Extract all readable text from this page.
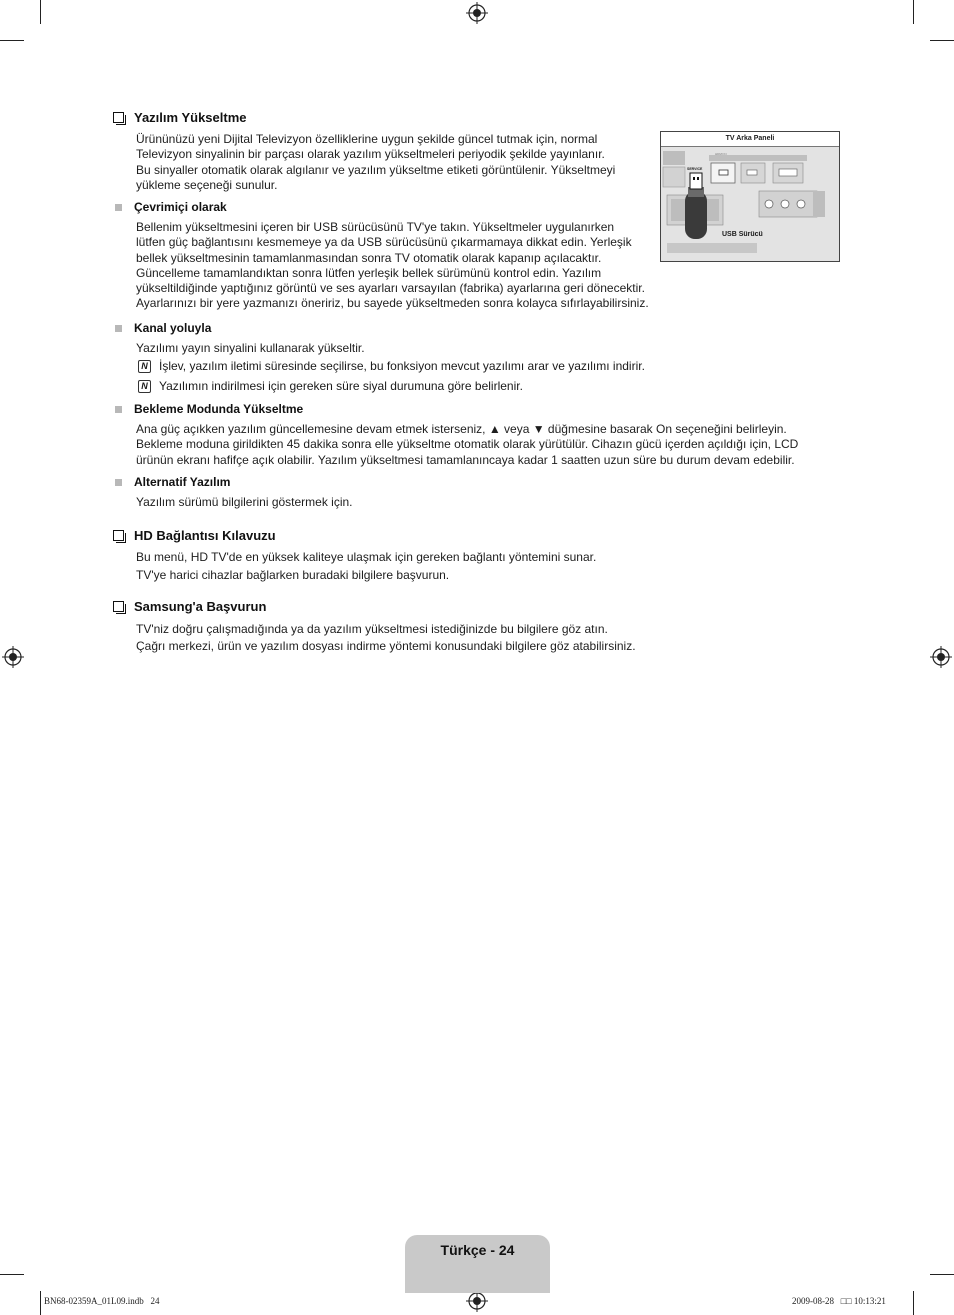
Yazılım Yükseltme

Ürününüzü yeni Dijital Televizyon özelliklerine uygun şekilde güncel tutmak için, normal
Televizyon sinyalinin bir parçası olarak yazılım yükseltmeleri periyodik şekilde yayınlanır.
Bu sinyaller otomatik olarak algılanır ve yazılım yükseltme etiketi görüntülenir. Yükseltmeyi
yükleme seçeneği sunulur.

Çevrimiçi olarak

Bellenim yükseltmesini içeren bir USB sürücüsünü TV'ye takın. Yükseltmeler uygulanırken
lütfen güç bağlantısını kesmemeye ya da USB sürücüsünü çıkarmamaya dikkat edin. Yerleşik
bellek yükseltmesinin tamamlanmasından sonra TV otomatik olarak kapanıp açılacaktır.
Güncelleme tamamlandıktan sonra lütfen yerleşik bellek sürümünü kontrol edin. Yazılım
yükseltildiğinde yaptığınız görüntü ve ses ayarları varsayılan (fabrika) ayarlarına geri dönecektir.
Ayarlarınızı bir yere yazmanızı öneririz, bu sayede yükseltmeden sonra kolayca sıfırlayabilirsiniz.

TV Arka Paneli
HDMI IN
SERVICE
USB Sürücü
Kanal yoluyla

Yazılımı yayın sinyalini kullanarak yükseltir.

N İşlev, yazılım iletimi süresinde seçilirse, bu fonksiyon mevcut yazılımı arar ve yazılımı indirir.
N Yazılımın indirilmesi için gereken süre siyal durumuna göre belirlenir.
Bekleme Modunda Yükseltme

Ana güç açıkken yazılım güncellemesine devam etmek isterseniz, ▲ veya ▼ düğmesine basarak On seçeneğini belirleyin.
Bekleme moduna girildikten 45 dakika sonra elle yükseltme otomatik olarak yürütülür. Cihazın gücü içerden açıldığı için, LCD
ürünün ekranı hafifçe açık olabilir. Yazılım yükseltmesi tamamlanıncaya kadar 1 saatten uzun süre bu durum devam edebilir.

Alternatif Yazılım

Yazılım sürümü bilgilerini göstermek için.

HD Bağlantısı Kılavuzu

Bu menü, HD TV'de en yüksek kaliteye ulaşmak için gereken bağlantı yöntemini sunar.
TV'ye harici cihazlar bağlarken buradaki bilgilere başvurun.

Samsung'a Başvurun

TV'niz doğru çalışmadığında ya da yazılım yükseltmesi istediğinizde bu bilgilere göz atın.
Çağrı merkezi, ürün ve yazılım dosyası indirme yöntemi konusundaki bilgilere göz atabilirsiniz.

Türkçe - 24
BN68-02359A_01L09.indb   24	2009-08-28   □□ 10:13:21
